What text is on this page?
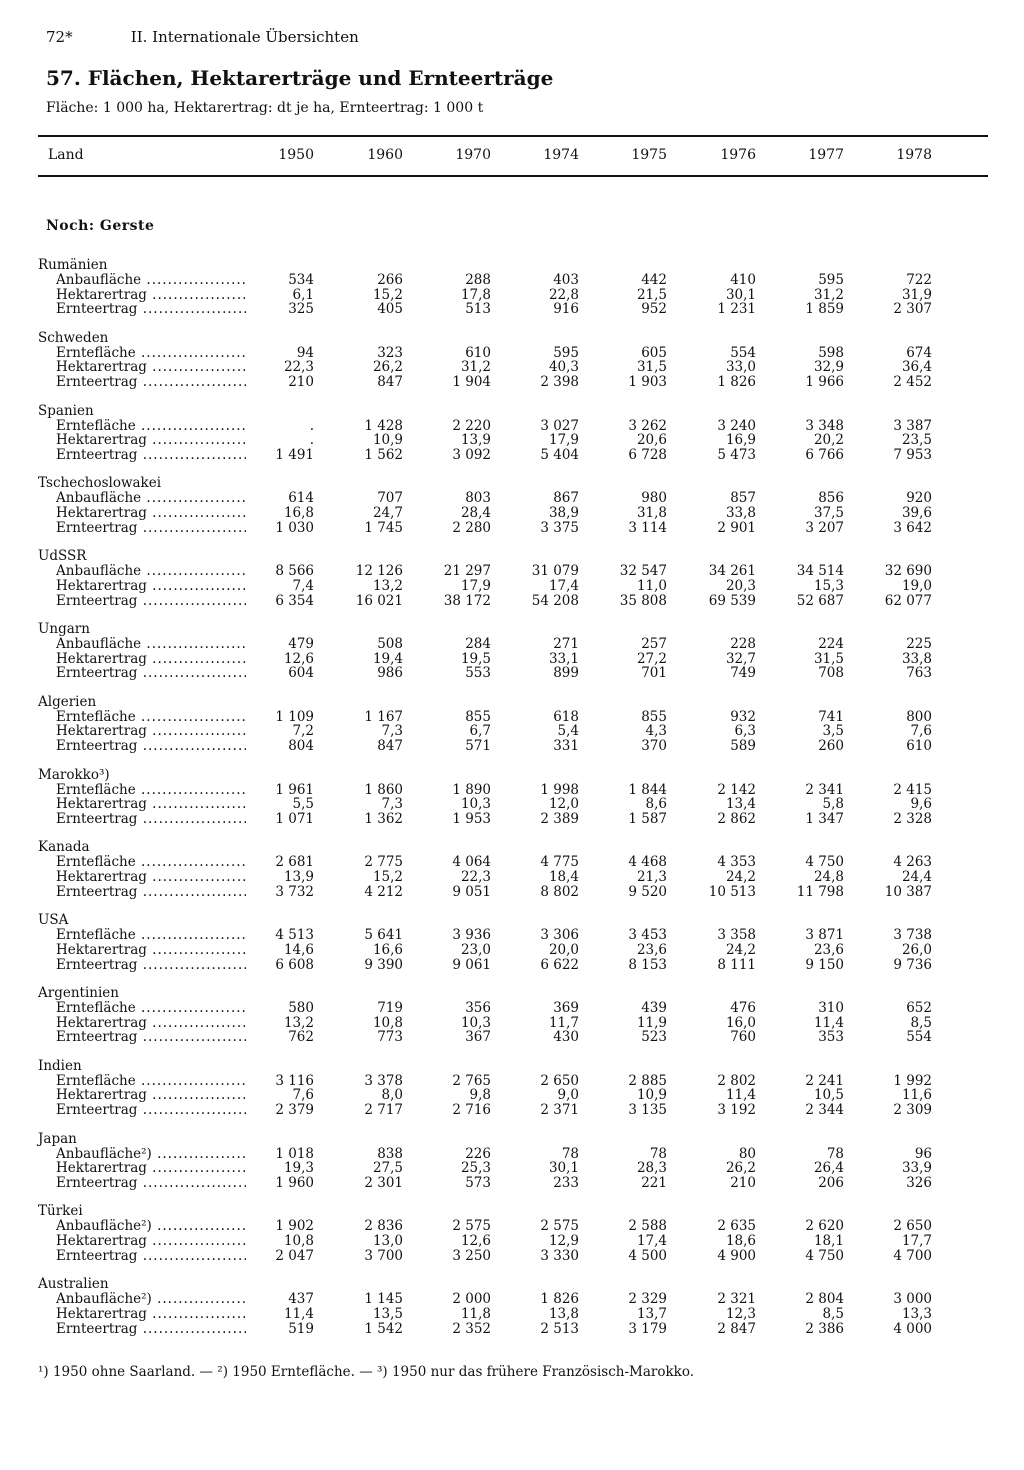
72*	II. Internationale Übersichten
57. Flächen, Hektarerträge und Ernteerträge
Fläche: 1 000 ha, Hektarertrag: dt je ha, Ernteertrag: 1 000 t
Land	1950	1960	1970	1974	1975	1976	1977	1978
Noch: Gerste
Rumänien
Anbaufläche .....	534	266	288	403	442	410	595	722
Hektarertrag .....	6,1	15,2	17,8	22,8	21,5	30,1	31,2	31,9
Ernteertrag .....	325	405	513	916	952	1 231	1 859	2 307
Schweden
Erntefläche .....	94	323	610	595	605	554	598	674
Hektarertrag .....	22,3	26,2	31,2	40,3	31,5	33,0	32,9	36,4
Ernteertrag .....	210	847	1 904	2 398	1 903	1 826	1 966	2 452
Spanien
Erntefläche .....	.	1 428	2 220	3 027	3 262	3 240	3 348	3 387
Hektarertrag .....	.	10,9	13,9	17,9	20,6	16,9	20,2	23,5
Ernteertrag .....	1 491	1 562	3 092	5 404	6 728	5 473	6 766	7 953
Tschechoslowakei
Anbaufläche .....	614	707	803	867	980	857	856	920
Hektarertrag .....	16,8	24,7	28,4	38,9	31,8	33,8	37,5	39,6
Ernteertrag .....	1 030	1 745	2 280	3 375	3 114	2 901	3 207	3 642
UdSSR
Anbaufläche .....	8 566	12 126	21 297	31 079	32 547	34 261	34 514	32 690
Hektarertrag .....	7,4	13,2	17,9	17,4	11,0	20,3	15,3	19,0
Ernteertrag .....	6 354	16 021	38 172	54 208	35 808	69 539	52 687	62 077
Ungarn
Anbaufläche .....	479	508	284	271	257	228	224	225
Hektarertrag .....	12,6	19,4	19,5	33,1	27,2	32,7	31,5	33,8
Ernteertrag .....	604	986	553	899	701	749	708	763
Algerien
Erntefläche .....	1 109	1 167	855	618	855	932	741	800
Hektarertrag .....	7,2	7,3	6,7	5,4	4,3	6,3	3,5	7,6
Ernteertrag .....	804	847	571	331	370	589	260	610
Marokko³)
Erntefläche .....	1 961	1 860	1 890	1 998	1 844	2 142	2 341	2 415
Hektarertrag .....	5,5	7,3	10,3	12,0	8,6	13,4	5,8	9,6
Ernteertrag .....	1 071	1 362	1 953	2 389	1 587	2 862	1 347	2 328
Kanada
Erntefläche .....	2 681	2 775	4 064	4 775	4 468	4 353	4 750	4 263
Hektarertrag .....	13,9	15,2	22,3	18,4	21,3	24,2	24,8	24,4
Ernteertrag .....	3 732	4 212	9 051	8 802	9 520	10 513	11 798	10 387
USA
Erntefläche .....	4 513	5 641	3 936	3 306	3 453	3 358	3 871	3 738
Hektarertrag .....	14,6	16,6	23,0	20,0	23,6	24,2	23,6	26,0
Ernteertrag .....	6 608	9 390	9 061	6 622	8 153	8 111	9 150	9 736
Argentinien
Erntefläche .....	580	719	356	369	439	476	310	652
Hektarertrag .....	13,2	10,8	10,3	11,7	11,9	16,0	11,4	8,5
Ernteertrag .....	762	773	367	430	523	760	353	554
Indien
Erntefläche .....	3 116	3 378	2 765	2 650	2 885	2 802	2 241	1 992
Hektarertrag .....	7,6	8,0	9,8	9,0	10,9	11,4	10,5	11,6
Ernteertrag .....	2 379	2 717	2 716	2 371	3 135	3 192	2 344	2 309
Japan
Anbaufläche²) .....	1 018	838	226	78	78	80	78	96
Hektarertrag .....	19,3	27,5	25,3	30,1	28,3	26,2	26,4	33,9
Ernteertrag .....	1 960	2 301	573	233	221	210	206	326
Türkei
Anbaufläche²) .....	1 902	2 836	2 575	2 575	2 588	2 635	2 620	2 650
Hektarertrag .....	10,8	13,0	12,6	12,9	17,4	18,6	18,1	17,7
Ernteertrag .....	2 047	3 700	3 250	3 330	4 500	4 900	4 750	4 700
Australien
Anbaufläche²) .....	437	1 145	2 000	1 826	2 329	2 321	2 804	3 000
Hektarertrag .....	11,4	13,5	11,8	13,8	13,7	12,3	8,5	13,3
Ernteertrag .....	519	1 542	2 352	2 513	3 179	2 847	2 386	4 000
¹) 1950 ohne Saarland. — ²) 1950 Erntefläche. — ³) 1950 nur das frühere Französisch-Marokko.
